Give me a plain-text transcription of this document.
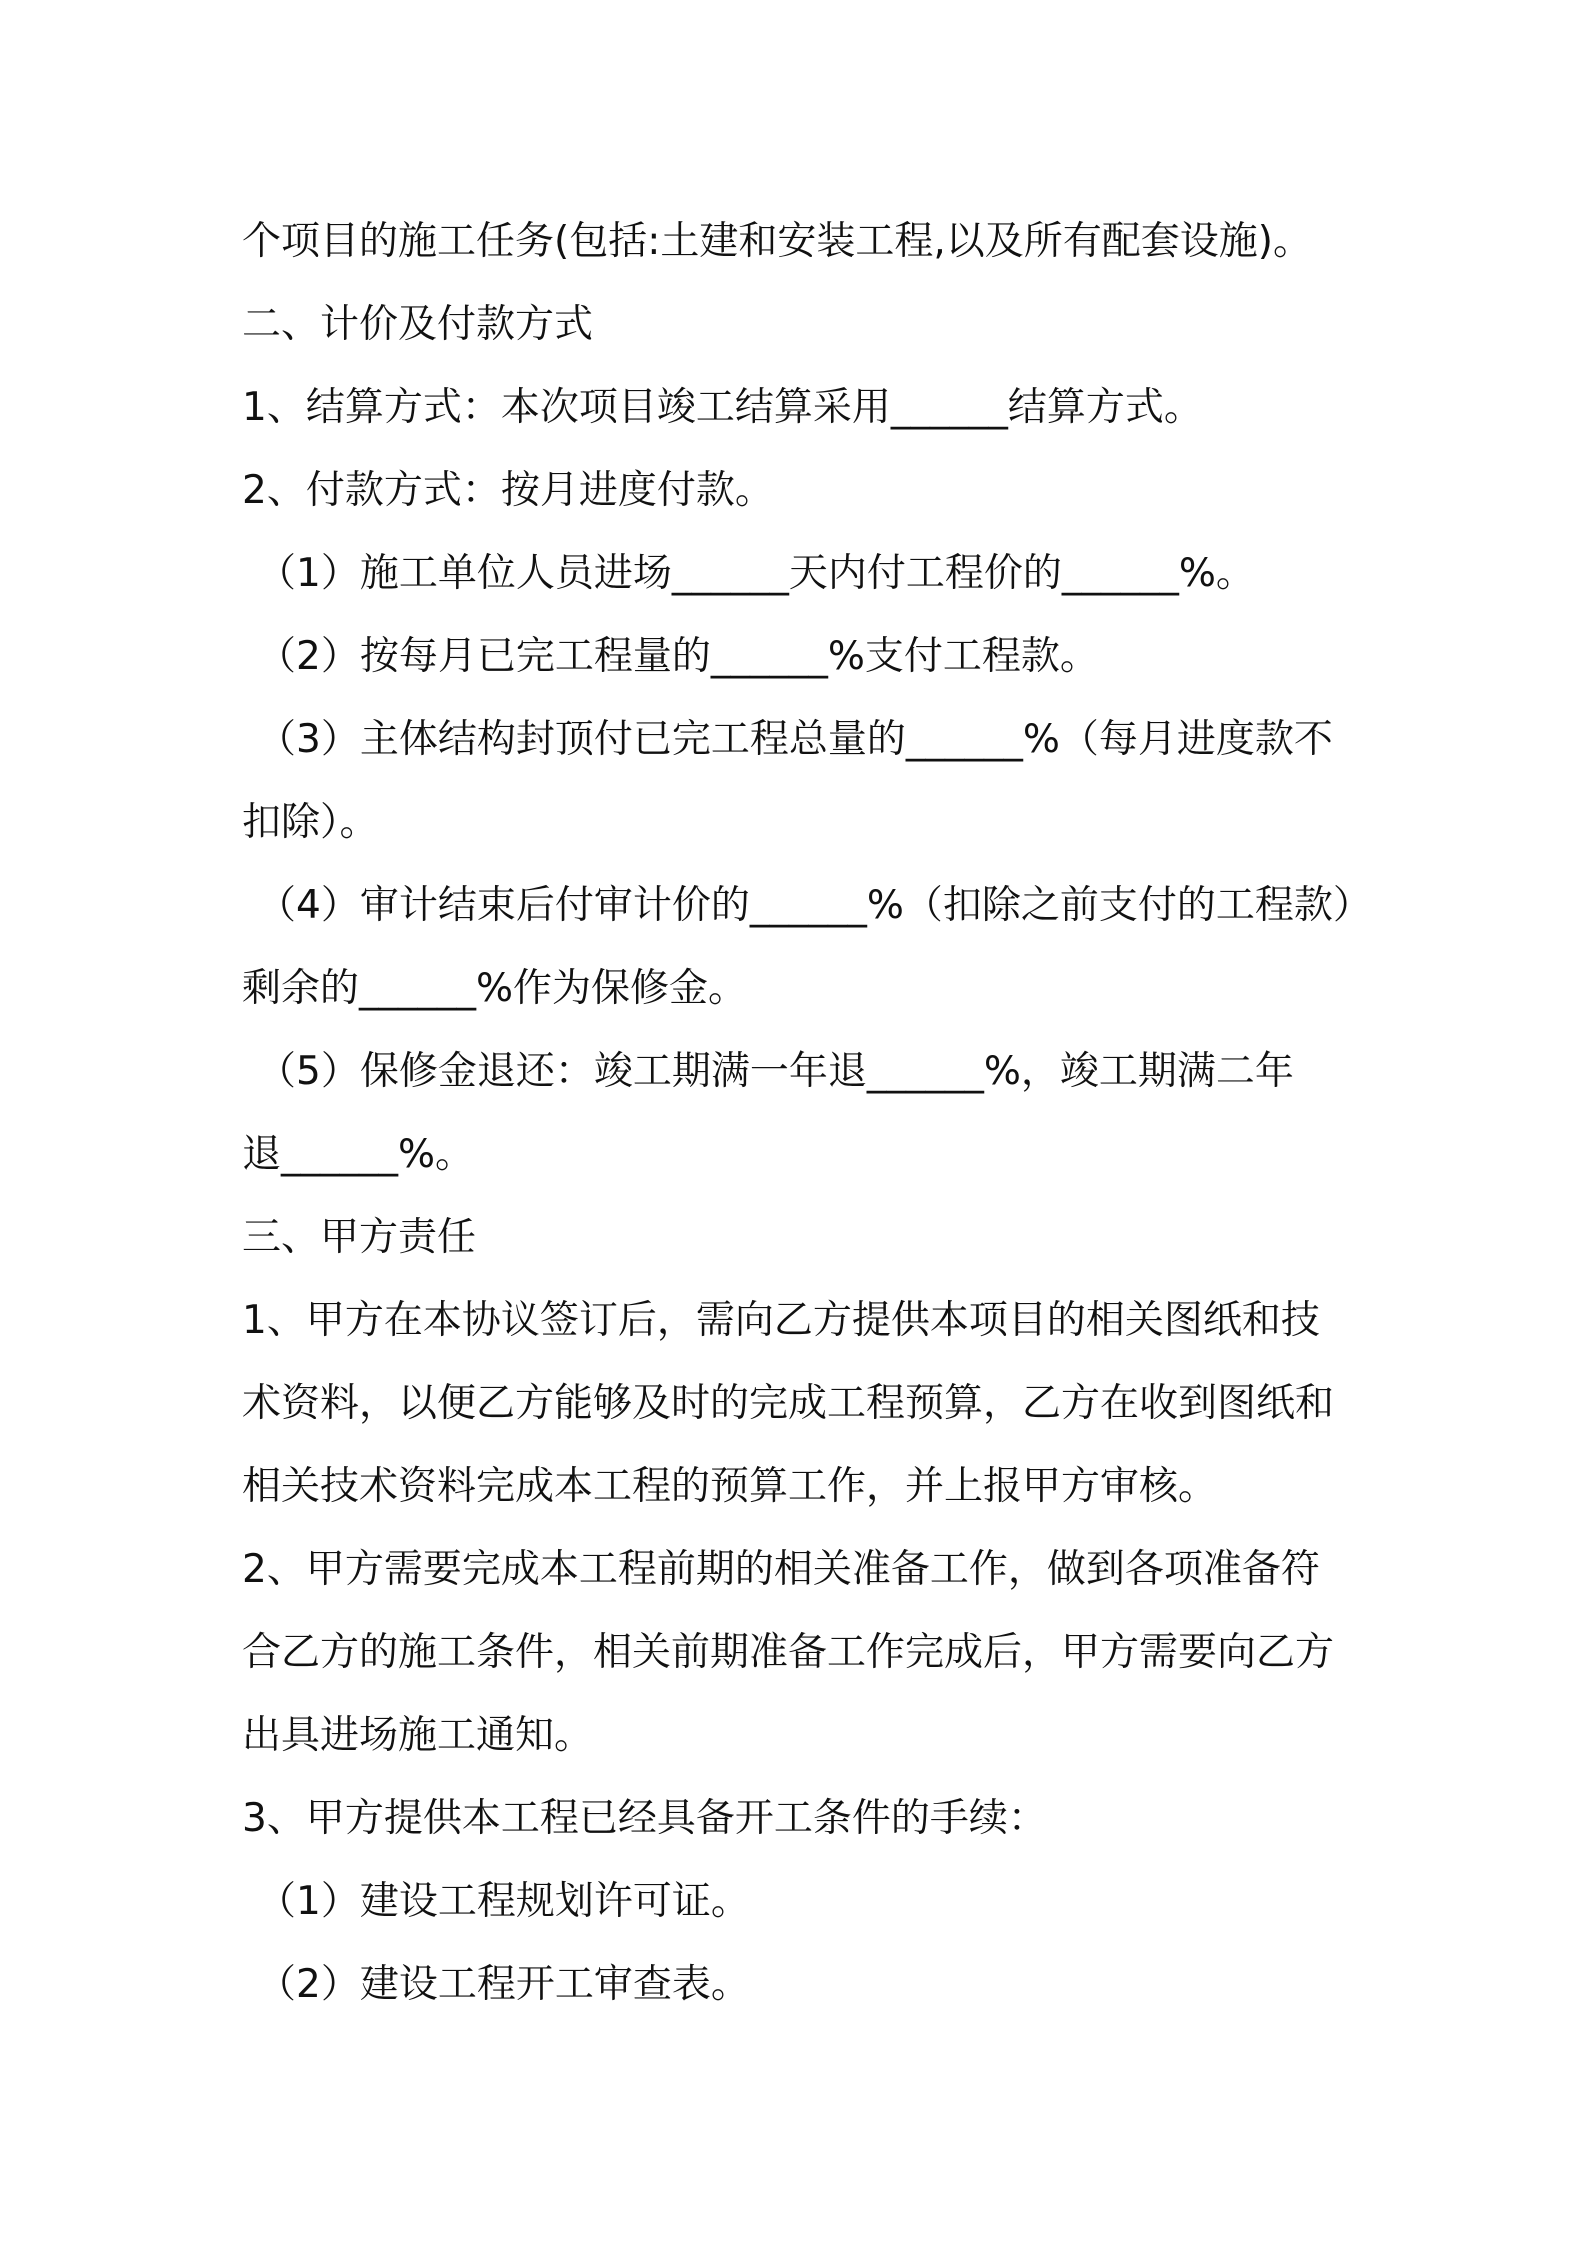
个项目的施工任务(包括:土建和安装工程,以及所有配套设施)。
二、计价及付款方式
1、结算方式：本次项目竣工结算采用______结算方式。
2、付款方式：按月进度付款。
（1）施工单位人员进场______天内付工程价的______%。
（2）按每月已完工程量的______%支付工程款。
（3）主体结构封顶付已完工程总量的______%（每月进度款不
扣除）。
（4）审计结束后付审计价的______%（扣除之前支付的工程款）
剩余的______%作为保修金。
（5）保修金退还：竣工期满一年退______%，竣工期满二年
退______%。
三、甲方责任
1、甲方在本协议签订后，需向乙方提供本项目的相关图纸和技
术资料，以便乙方能够及时的完成工程预算，乙方在收到图纸和
相关技术资料完成本工程的预算工作，并上报甲方审核。
2、甲方需要完成本工程前期的相关准备工作，做到各项准备符
合乙方的施工条件，相关前期准备工作完成后，甲方需要向乙方
出具进场施工通知。
3、甲方提供本工程已经具备开工条件的手续：
（1）建设工程规划许可证。
（2）建设工程开工审查表。
